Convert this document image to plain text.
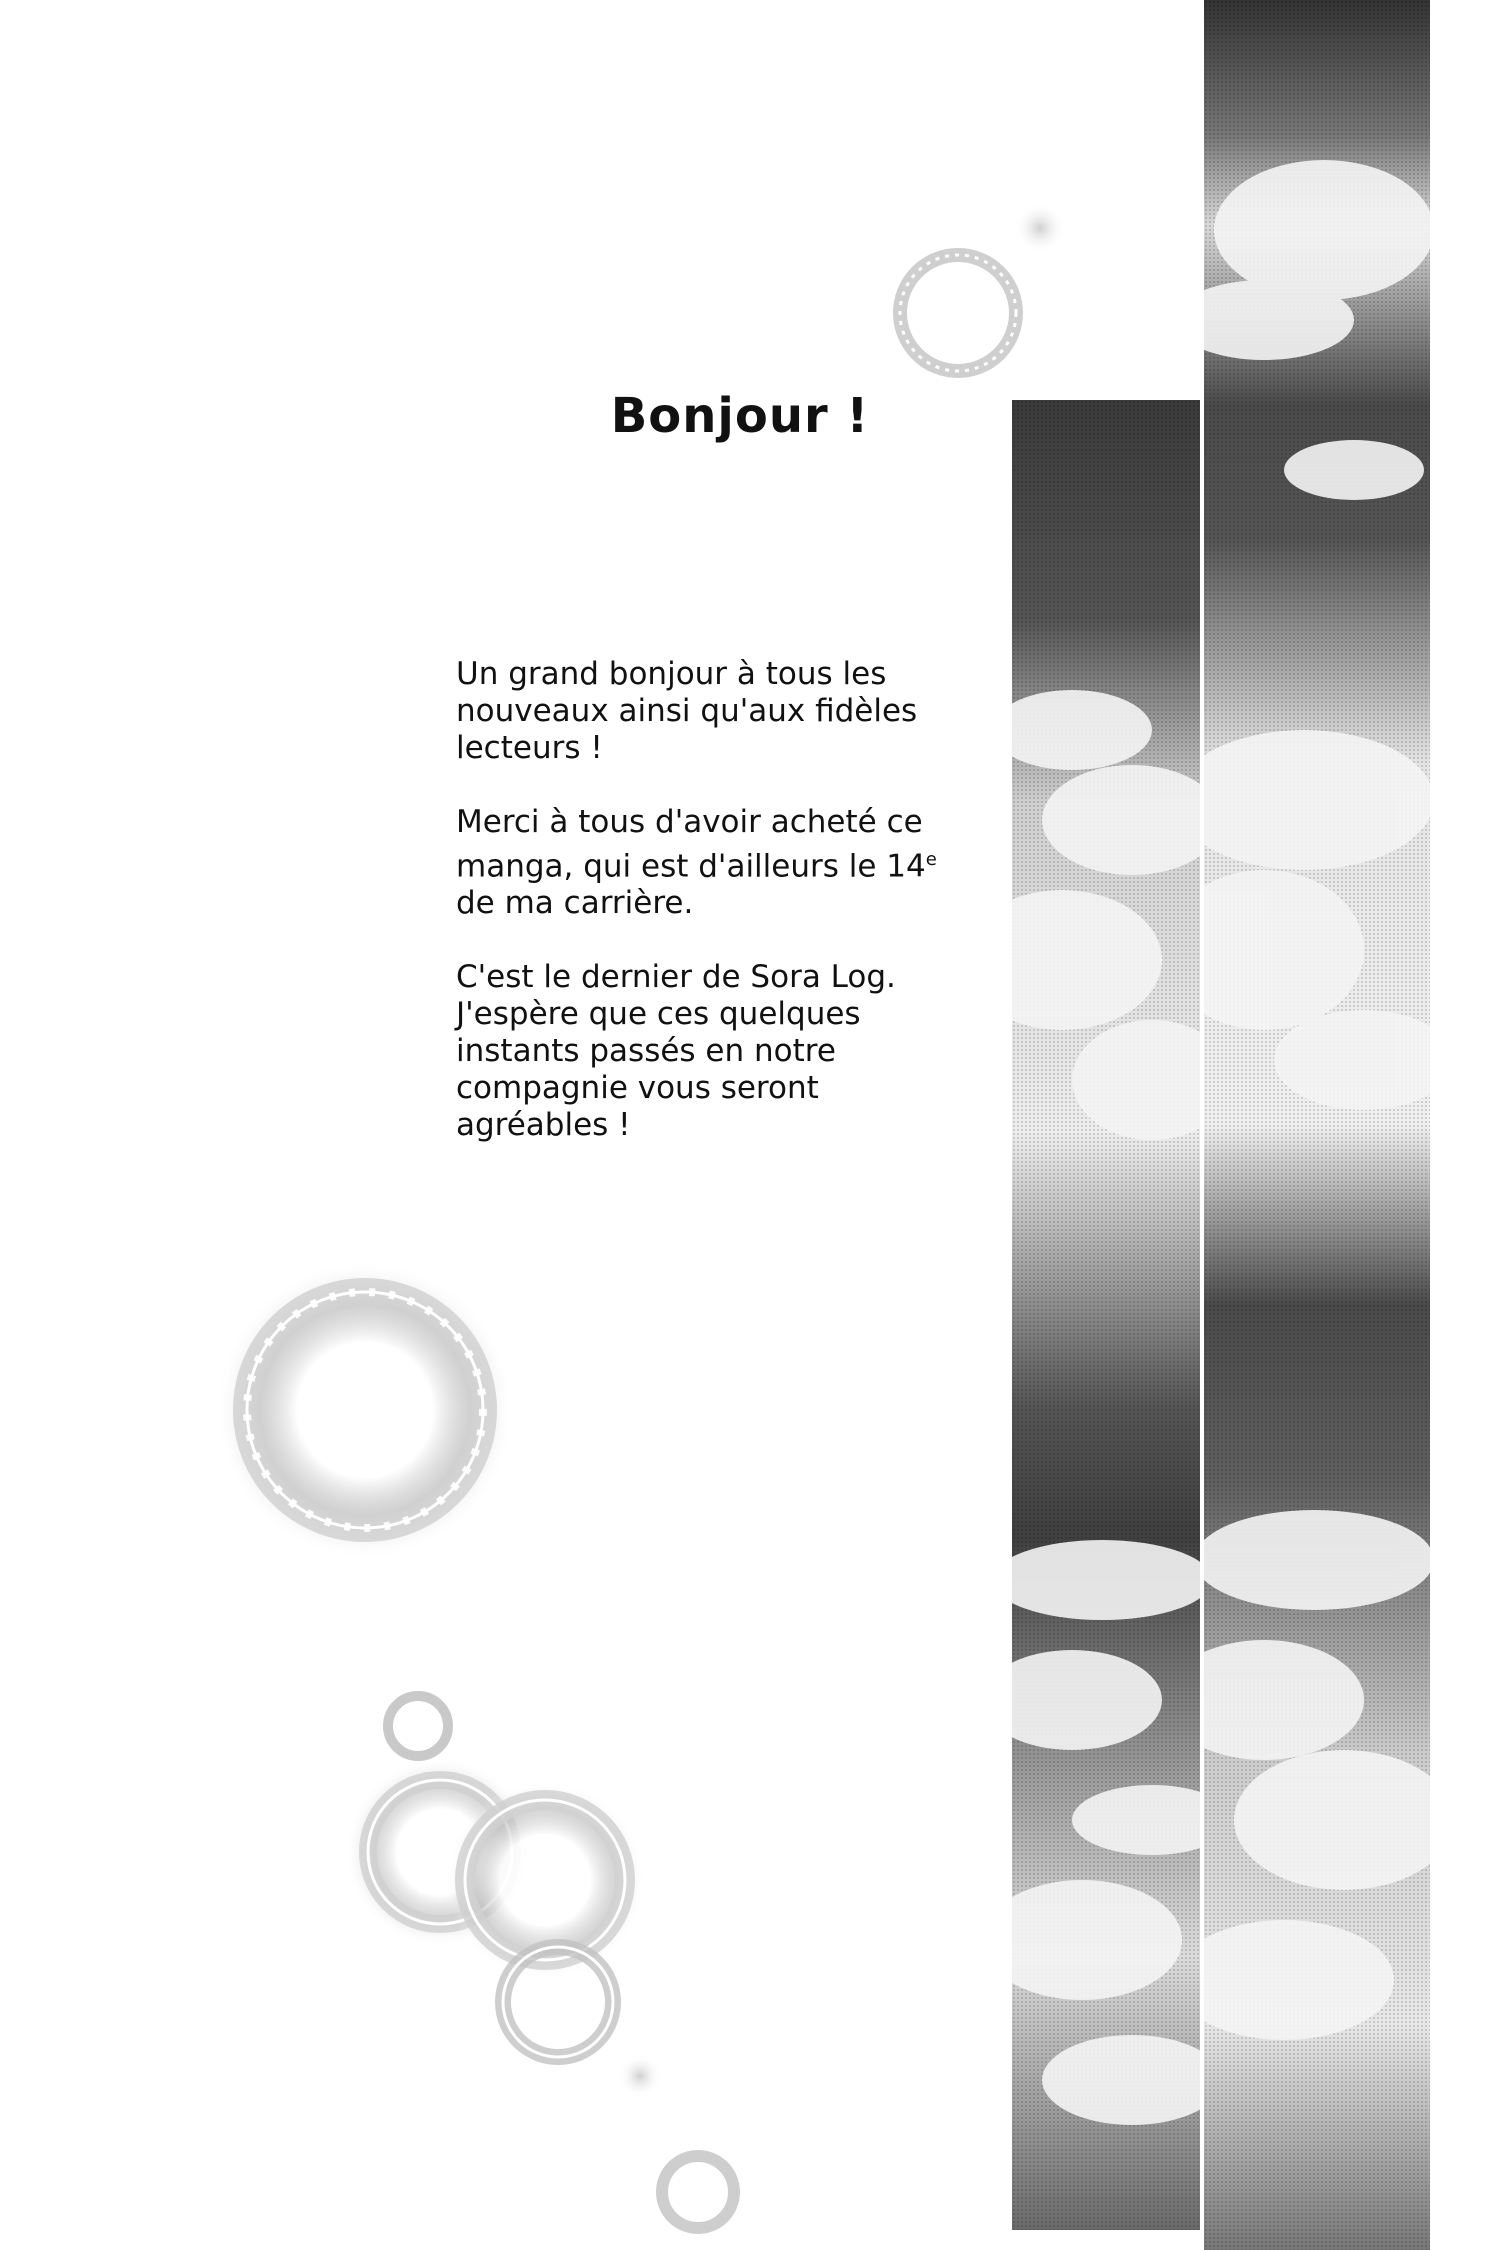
Bonjour !

Un grand bonjour à tous les
nouveaux ainsi qu'aux fidèles
lecteurs !

Merci à tous d'avoir acheté ce
manga, qui est d'ailleurs le 14e
de ma carrière.

C'est le dernier de Sora Log.
J'espère que ces quelques
instants passés en notre
compagnie vous seront
agréables !
